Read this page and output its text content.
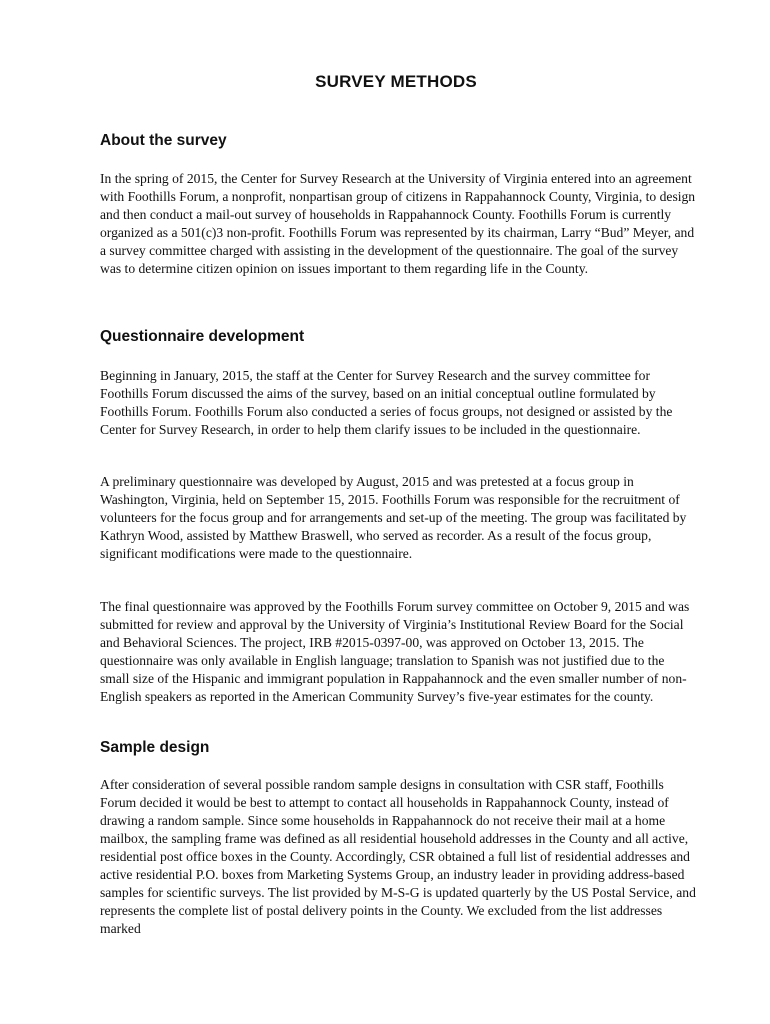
SURVEY METHODS
About the survey

In the spring of 2015, the Center for Survey Research at the University of Virginia entered into an agreement with Foothills Forum, a nonprofit, nonpartisan group of citizens in Rappahannock County, Virginia, to design and then conduct a mail-out survey of households in Rappahannock County. Foothills Forum is currently organized as a 501(c)3 non-profit. Foothills Forum was represented by its chairman, Larry “Bud” Meyer, and a survey committee charged with assisting in the development of the questionnaire. The goal of the survey was to determine citizen opinion on issues important to them regarding life in the County.

Questionnaire development

Beginning in January, 2015, the staff at the Center for Survey Research and the survey committee for Foothills Forum discussed the aims of the survey, based on an initial conceptual outline formulated by Foothills Forum. Foothills Forum also conducted a series of focus groups, not designed or assisted by the Center for Survey Research, in order to help them clarify issues to be included in the questionnaire.

A preliminary questionnaire was developed by August, 2015 and was pretested at a focus group in Washington, Virginia, held on September 15, 2015. Foothills Forum was responsible for the recruitment of volunteers for the focus group and for arrangements and set-up of the meeting. The group was facilitated by Kathryn Wood, assisted by Matthew Braswell, who served as recorder. As a result of the focus group, significant modifications were made to the questionnaire.

The final questionnaire was approved by the Foothills Forum survey committee on October 9, 2015 and was submitted for review and approval by the University of Virginia’s Institutional Review Board for the Social and Behavioral Sciences. The project, IRB #2015-0397-00, was approved on October 13, 2015. The questionnaire was only available in English language; translation to Spanish was not justified due to the small size of the Hispanic and immigrant population in Rappahannock and the even smaller number of non-English speakers as reported in the American Community Survey’s five-year estimates for the county.

Sample design

After consideration of several possible random sample designs in consultation with CSR staff, Foothills Forum decided it would be best to attempt to contact all households in Rappahannock County, instead of drawing a random sample. Since some households in Rappahannock do not receive their mail at a home mailbox, the sampling frame was defined as all residential household addresses in the County and all active, residential post office boxes in the County. Accordingly, CSR obtained a full list of residential addresses and active residential P.O. boxes from Marketing Systems Group, an industry leader in providing address-based samples for scientific surveys. The list provided by M-S-G is updated quarterly by the US Postal Service, and represents the complete list of postal delivery points in the County. We excluded from the list addresses marked
